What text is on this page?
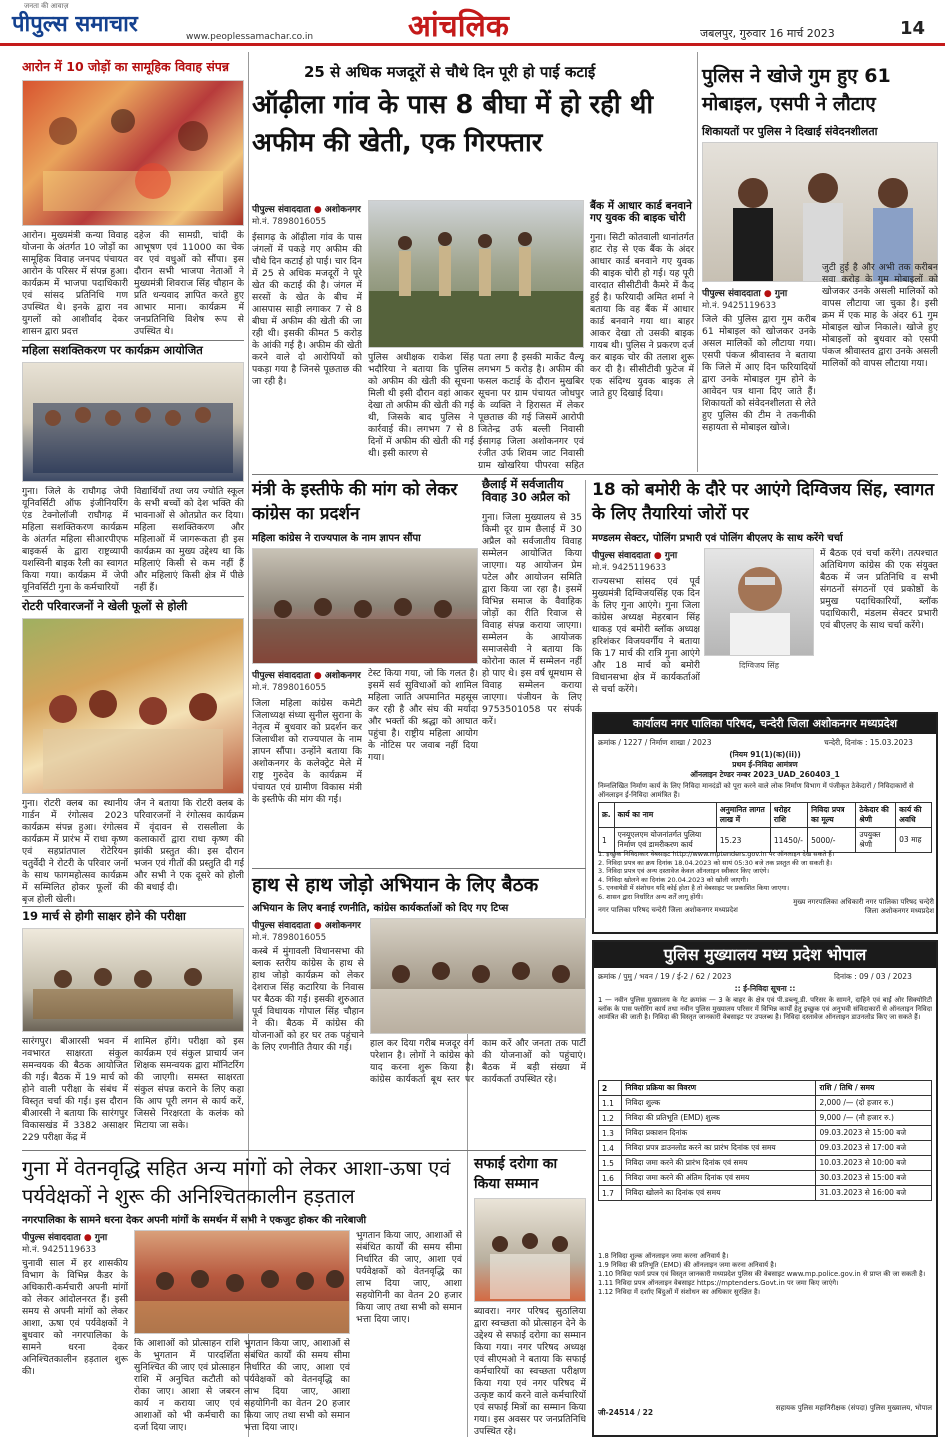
जनता की आवाज़
पीपुल्स समाचार	www.peoplessamachar.co.in	आंचलिक	जबलपुर, गुरुवार 16 मार्च 2023	14
आरोन में 10 जोड़ों का सामूहिक विवाह संपन्न
आरोन। मुख्यमंत्री कन्या विवाह योजना के अंतर्गत 10 जोड़ों का सामूहिक विवाह जनपद पंचायत आरोन के परिसर में संपन्न हुआ। कार्यक्रम में भाजपा पदाधिकारी एवं सांसद प्रतिनिधि गण उपस्थित थे। इनके द्वारा नव युगलों को आशीर्वाद देकर शासन द्वारा प्रदत्त
दहेज की सामग्री, चांदी के आभूषण एवं 11000 का चेक वर एवं वधुओं को सौंपा। इस दौरान सभी भाजपा नेताओं ने मुख्यमंत्री शिवराज सिंह चौहान के प्रति धन्यवाद ज्ञापित करते हुए आभार माना। कार्यक्रम में जनप्रतिनिधि विशेष रूप से उपस्थित थे।
महिला सशक्तिकरण पर कार्यक्रम आयोजित
गुना। जिले के राघौगढ़ जेपी यूनिवर्सिटी ऑफ इंजीनियरिंग एंड टेक्नोलॉजी राघौगढ़ में महिला सशक्तिकरण कार्यक्रम के अंतर्गत महिला सीआरपीएफ बाइकर्स के द्वारा राष्ट्रव्यापी यशस्विनी बाइक रैली का स्वागत किया गया। कार्यक्रम में जेपी यूनिवर्सिटी गुना के कर्मचारियों
विद्यार्थियों तथा जय ज्योति स्कूल के सभी बच्चों को देश भक्ति की भावनाओं से ओतप्रोत कर दिया। महिला सशक्तिकरण और महिलाओं में जागरूकता ही इस कार्यक्रम का मुख्य उद्देश्य था कि महिलाएं किसी से कम नहीं हैं और महिलाएं किसी क्षेत्र में पीछे नहीं हैं।
रोटरी परिवारजनों ने खेली फूलों से होली
गुना। रोटरी क्लब का स्थानीय गार्डन में रंगोत्सव 2023 कार्यक्रम संपन्न हुआ। रंगोत्सव कार्यक्रम में प्रारंभ में राधा कृष्ण एवं सहप्रांतपाल रोटेरियन चतुर्वेदी ने रोटरी के परिवार जनों के साथ फागमहोत्सव कार्यक्रम में सम्मिलित होकर फूलों की बृज होली खेली।
जैन ने बताया कि रोटरी क्लब के परिवारजनों ने रंगोत्सव कार्यक्रम में वृंदावन से रासलीला के कलाकारों द्वारा राधा कृष्ण की झांकी प्रस्तुत की। इस दौरान भजन एवं गीतों की प्रस्तुति दी गई और सभी ने एक दूसरे को होली की बधाई दी।
19 मार्च से होगी साक्षर होने की परीक्षा
सारंगपुर। बीआरसी भवन में नवभारत साक्षरता संकुल समन्वयक की बैठक आयोजित की गई। बैठक में 19 मार्च को होने वाली परीक्षा के संबंध में विस्तृत चर्चा की गई। इस दौरान बीआरसी ने बताया कि सारंगपुर विकासखंड में 3382 असाक्षर 229 परीक्षा केंद्र में
शामिल होंगे। परीक्षा को इस कार्यक्रम एवं संकुल प्राचार्य जन शिक्षक समन्वयक द्वारा मॉनिटरिंग की जाएगी। समस्त साक्षरता संकुल संपन्न कराने के लिए कहा कि आप पूरी लगन से कार्य करें, जिससे निरक्षरता के कलंक को मिटाया जा सके।
25 से अधिक मजदूरों से चौथे दिन पूरी हो पाई कटाई
ऑढ़ीला गांव के पास 8 बीघा में हो रही थी अफीम की खेती, एक गिरफ्तार
पीपुल्स संवाददाता ● अशोकनगर
मो.नं. 7898016055
ईसागढ़ के ऑढ़ीला गांव के पास जंगलों में पकड़े गए अफीम की चौथे दिन कटाई हो पाई। चार दिन में 25 से अधिक मजदूरों ने पूरे खेत की कटाई की है। जंगल में सरसों के खेत के बीच में आसपास साड़ी लगाकर 7 से 8 बीघा में अफीम की खेती की जा रही थी। इसकी कीमत 5 करोड़ के आंकी गई है। अफीम की खेती करने वाले दो आरोपियों को पकड़ा गया है जिनसे पूछताछ की जा रही है।
पुलिस अधीक्षक राकेश सिंह भदौरिया ने बताया कि पुलिस को अफीम की खेती की सूचना मिली थी इसी दौरान वहां आकर देखा तो अफीम की खेती की गई थी, जिसके बाद पुलिस ने कार्रवाई की। लगभग 7 से 8 दिनों में अफीम की खेती की गई थी। इसी कारण से
पता लगा है इसकी मार्केट वैल्यू लगभग 5 करोड़ है। अफीम की फसल कटाई के दौरान मुखबिर सूचना पर ग्राम पंचायत जोधपुर के व्यक्ति ने हिरासत में लेकर पूछताछ की गई जिसमें आरोपी जितेन्द्र उर्फ बल्ली निवासी ईसागढ़ जिला अशोकनगर एवं रंजीत उर्फ शिवम जाट निवासी ग्राम खोखरिया पीपरवा सहित
बैंक में आधार कार्ड बनवाने गए युवक की बाइक चोरी
गुना। सिटी कोतवाली थानांतर्गत हाट रोड़ से एक बैंक के अंदर आधार कार्ड बनवाने गए युवक की बाइक चोरी हो गई। यह पूरी वारदात सीसीटीवी कैमरे में कैद हुई है। फरियादी अमित शर्मा ने बताया कि वह बैंक में आधार कार्ड बनवाने गया था। बाहर आकर देखा तो उसकी बाइक गायब थी। पुलिस ने प्रकरण दर्ज कर बाइक चोर की तलाश शुरू कर दी है। सीसीटीवी फुटेज में एक संदिग्ध युवक बाइक ले जाते हुए दिखाई दिया।
पुलिस ने खोजे गुम हुए 61 मोबाइल, एसपी ने लौटाए
शिकायतों पर पुलिस ने दिखाई संवेदनशीलता
पीपुल्स संवाददाता ● गुना
मो.नं. 9425119633
जिले की पुलिस द्वारा गुम करीब 61 मोबाइल को खोजकर उनके असल मालिकों को लौटाया गया। एसपी पंकज श्रीवास्तव ने बताया कि जिले में आए दिन फरियादियों द्वारा उनके मोबाइल गुम होने के आवेदन पत्र थाना दिए जाते हैं। शिकायतों को संवेदनशीलता से लेते हुए पुलिस की टीम ने तकनीकी सहायता से मोबाइल खोजे।
जुटी हुई है और अभी तक करीबन सवा करोड़ के गुम मोबाइलों को खोजकर उनके असली मालिकों को वापस लौटाया जा चुका है। इसी क्रम में एक माह के अंदर 61 गुम मोबाइल खोज निकाले। खोजे हुए मोबाइलों को बुधवार को एसपी पंकज श्रीवास्तव द्वारा उनके असली मालिकों को वापस लौटाया गया।
मंत्री के इस्तीफे की मांग को लेकर कांग्रेस का प्रदर्शन
महिला कांग्रेस ने राज्यपाल के नाम ज्ञापन सौंपा
पीपुल्स संवाददाता ● अशोकनगर
मो.नं. 7898016055
जिला महिला कांग्रेस कमेटी जिलाध्यक्ष संध्या सुनील सुराना के नेतृत्व में बुधवार को प्रदर्शन कर जिलाधीश को राज्यपाल के नाम ज्ञापन सौंपा। उन्होंने बताया कि अशोकनगर के कलेक्ट्रेट मेले में राष्ट्र गुरुदेव के कार्यक्रम में पंचायत एवं ग्रामीण विकास मंत्री के इस्तीफे की मांग की गई।
टेस्ट किया गया, जो कि गलत है। इसमें सर्व सुविधाओं को शामिल महिला जाति अपमानित महसूस कर रही है और संघ की मर्यादा और भक्तों की श्रद्धा को आघात पहुंचा है। राष्ट्रीय महिला आयोग के नोटिस पर जवाब नहीं दिया गया।
छैलाई में सर्वजातीय विवाह 30 अप्रैल को
गुना। जिला मुख्यालय से 35 किमी दूर ग्राम छैलाई में 30 अप्रैल को सर्वजातीय विवाह सम्मेलन आयोजित किया जाएगा। यह आयोजन प्रेम पटेल और आयोजन समिति द्वारा किया जा रहा है। इसमें विभिन्न समाज के वैवाहिक जोड़ों का रीति रिवाज से विवाह संपन्न कराया जाएगा। सम्मेलन के आयोजक समाजसेवी ने बताया कि कोरोना काल में सम्मेलन नहीं हो पाए थे। इस वर्ष धूमधाम से विवाह सम्मेलन कराया जाएगा। पंजीयन के लिए 9753501058 पर संपर्क करें।
18 को बमोरी के दौरे पर आएंगे दिग्विजय सिंह, स्वागत के लिए तैयारियां जोरों पर
मण्डलम सेक्टर, पोलिंग प्रभारी एवं पोलिंग बीएलए के साथ करेंगे चर्चा
पीपुल्स संवाददाता ● गुना
मो.नं. 9425119633
दिग्विजय सिंह
राज्यसभा सांसद एवं पूर्व मुख्यमंत्री दिग्विजयसिंह एक दिन के लिए गुना आएंगे। गुना जिला कांग्रेस अध्यक्ष मेहरबान सिंह धाकड़ एवं बमोरी ब्लॉक अध्यक्ष हरिशंकर विजयवर्गीय ने बताया कि 17 मार्च की रात्रि गुना आएंगे और 18 मार्च को बमोरी विधानसभा क्षेत्र में कार्यकर्ताओं से चर्चा करेंगे।
में बैठक एवं चर्चा करेंगे। तत्पश्चात अतिथिगण कांग्रेस की एक संयुक्त बैठक में जन प्रतिनिधि व सभी संगठनों संगठनों एवं प्रकोष्ठों के प्रमुख पदाधिकारियों, ब्लॉक पदाधिकारी, मंडलम सेक्टर प्रभारी एवं बीएलए के साथ चर्चा करेंगे।
कार्यालय नगर पालिका परिषद, चन्देरी जिला अशोकनगर मध्यप्रदेश
क्रमांक / 1227 / निर्माण शाखा / 2023	चन्देरी, दिनांक : 15.03.2023
(नियम 91(1)(क)(ii))
प्रथम ई-निविदा आमंत्रण
ऑनलाइन टेण्डर नम्बर 2023_UAD_260403_1
निम्नलिखित निर्माण कार्य के लिए निविदा मानदंडों को पूरा करने वाले लोक निर्माण विभाग में पंजीकृत ठेकेदारों / निविदाकारों से ऑनलाइन ई-निविदा आमंत्रित हैं।
क्र.	कार्य का नाम	अनुमानित लागत लाख में	धरोहर राशि	निविदा प्रपत्र का मूल्य	ठेकेदार की श्रेणी	कार्य की अवधि
1	एनयूएलएम योजनांतर्गत पुलिया निर्माण एवं डामरीकरण कार्य	15.23	11450/-	5000/-	उपयुक्त श्रेणी	03 माह
1. इच्छुक निविदाकार वेबसाइट http://www.mptenders.gov.in पर ऑनलाइन देख सकते हैं।
2. निविदा प्रपत्र का क्रय दिनांक 18.04.2023 को सायं 05:30 बजे तक प्रस्तुत की जा सकती है।
3. निविदा प्रपत्र एवं अन्य दस्तावेज केवल ऑनलाइन स्वीकार किए जाएंगे।
4. निविदा खोलने का दिनांक 20.04.2023 को खोली जाएगी।
5. एनवायेडी में संशोधन यदि कोई होता है तो वेबसाइट पर प्रकाशित किया जाएगा।
6. शासन द्वारा निर्धारित अन्य शर्तें लागू होंगी।
नगर पालिका परिषद चन्देरी जिला अशोकनगर मध्यप्रदेश
मुख्य नगरपालिका अधिकारी नगर पालिका परिषद चन्देरी जिला अशोकनगर मध्यप्रदेश
हाथ से हाथ जोड़ो अभियान के लिए बैठक
अभियान के लिए बनाई रणनीति, कांग्रेस कार्यकर्ताओं को दिए गए टिप्स
पीपुल्स संवाददाता ● अशोकनगर
मो.नं. 7898016055
कस्बे में मुंगावली विधानसभा की ब्लाक स्तरीय कांग्रेस के हाथ से हाथ जोड़ो कार्यक्रम को लेकर देशराज सिंह कटारिया के निवास पर बैठक की गई। इसकी शुरुआत पूर्व विधायक गोपाल सिंह चौहान ने की। बैठक में कांग्रेस की योजनाओं को हर घर तक पहुंचाने के लिए रणनीति तैयार की गई।	हाल कर दिया गरीब मजदूर वर्ग परेशान है। लोगों ने कांग्रेस को याद करना शुरू किया है। कांग्रेस कार्यकर्ता बूथ स्तर पर काम करें और जनता तक पार्टी की योजनाओं को पहुंचाएं। बैठक में बड़ी संख्या में कार्यकर्ता उपस्थित रहे।
पुलिस मुख्यालय मध्य प्रदेश भोपाल
क्रमांक / पुमु / भवन / 19 / ई-2 / 62 / 2023	दिनांक : 09 / 03 / 2023
:: ई-निविदा सूचना ::
1 — नवीन पुलिस मुख्यालय के गेट क्रमांक — 3 के बाहर के क्षेत्र एवं पी.डब्ल्यू.डी. परिसर के सामने, दाहिने एवं बाईं ओर सिक्योरिटी ब्लॉक के पास फ्लोरिंग कार्य तथा नवीन पुलिस मुख्यालय परिसर में विभिन्न कार्यों हेतु इच्छुक एवं अनुभवी संविदाकारों से ऑनलाइन निविदा आमंत्रित की जाती है। निविदा की विस्तृत जानकारी वेबसाइट पर उपलब्ध है। निविदा दस्तावेज ऑनलाइन डाउनलोड किए जा सकते हैं।
2	निविदा प्रक्रिया का विवरण	राशि / तिथि / समय
1.1	निविदा शुल्क	2,000 /— (दो हजार रु.)
1.2	निविदा की प्रतिभूति (EMD) शुल्क	9,000 /— (नौ हजार रु.)
1.3	निविदा प्रकाशन दिनांक	09.03.2023 से 15:00 बजे
1.4	निविदा प्रपत्र डाउनलोड करने का प्रारंभ दिनांक एवं समय	09.03.2023 से 17:00 बजे
1.5	निविदा जमा करने की प्रारंभ दिनांक एवं समय	10.03.2023 से 10:00 बजे
1.6	निविदा जमा करने की अंतिम दिनांक एवं समय	30.03.2023 से 15:00 बजे
1.7	निविदा खोलने का दिनांक एवं समय	31.03.2023 से 16:00 बजे
1.8 निविदा शुल्क ऑनलाइन जमा करना अनिवार्य है।
1.9 निविदा की प्रतिभूति (EMD) की ऑनलाइन जमा करना अनिवार्य है।
1.10 निविदा फार्म प्रपत्र एवं विस्तृत जानकारी मध्यप्रदेश पुलिस की वेबसाइट www.mp.police.gov.in से प्राप्त की जा सकती है।
1.11 निविदा प्रपत्र ऑनलाइन वेबसाइट https://mptenders.Govt.in पर जमा किए जाएंगे।
1.12 निविदा में दर्शाए बिंदुओं में संशोधन का अधिकार सुरक्षित है।
जी-24514 / 22	सहायक पुलिस महानिरीक्षक (संपदा) पुलिस मुख्यालय, भोपाल
गुना में वेतनवृद्धि सहित अन्य मांगों को लेकर आशा-ऊषा एवं पर्यवेक्षकों ने शुरू की अनिश्चितकालीन हड़ताल
नगरपालिका के सामने धरना देकर अपनी मांगों के समर्थन में सभी ने एकजुट होकर की नारेबाजी
पीपुल्स संवाददाता ● गुना
मो.नं. 9425119633
चुनावी साल में हर शासकीय विभाग के विभिन्न कैडर के अधिकारी-कर्मचारी अपनी मांगों को लेकर आंदोलनरत हैं। इसी समय से अपनी मांगों को लेकर आशा, ऊषा एवं पर्यवेक्षकों ने बुधवार को नगरपालिका के सामने धरना देकर अनिश्चितकालीन हड़ताल शुरू की।
कि आशाओं को प्रोत्साहन राशि के भुगतान में पारदर्शिता सुनिश्चित की जाए एवं प्रोत्साहन राशि में अनुचित कटौती को रोका जाए। आशा से जबरन कार्य न कराया जाए एवं आशाओं को भी कर्मचारी का दर्जा दिया जाए।
भुगतान किया जाए, आशाओं से संबंधित कार्यों की समय सीमा निर्धारित की जाए, आशा एवं पर्यवेक्षकों को वेतनवृद्धि का लाभ दिया जाए, आशा सहयोगिनी का वेतन 20 हजार किया जाए तथा सभी को समान भत्ता दिया जाए।
भुगतान किया जाए, आशाओं से संबंधित कार्यों की समय सीमा निर्धारित की जाए, आशा एवं पर्यवेक्षकों को वेतनवृद्धि का लाभ दिया जाए, आशा सहयोगिनी का वेतन 20 हजार किया जाए तथा सभी को समान भत्ता दिया जाए।
सफाई दरोगा का किया सम्मान
ब्यावरा। नगर परिषद सुठालिया द्वारा स्वच्छता को प्रोत्साहन देने के उद्देश्य से सफाई दरोगा का सम्मान किया गया। नगर परिषद अध्यक्ष एवं सीएमओ ने बताया कि सफाई कर्मचारियों का स्वच्छता परीक्षण किया गया एवं नगर परिषद में उत्कृष्ट कार्य करने वाले कर्मचारियों एवं सफाई मित्रों का सम्मान किया गया। इस अवसर पर जनप्रतिनिधि उपस्थित रहे।
